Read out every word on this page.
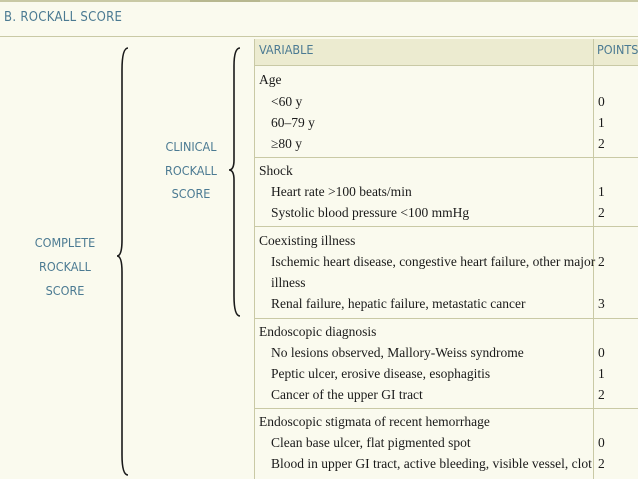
B. ROCKALL SCORE
COMPLETE
ROCKALL
SCORE
CLINICAL
ROCKALL
SCORE
VARIABLE	POINTS
Age
<60 y	0
60–79 y	1
≥80 y	2
Shock
Heart rate >100 beats/min	1
Systolic blood pressure <100 mmHg	2
Coexisting illness
Ischemic heart disease, congestive heart failure, other major 2
illness
Renal failure, hepatic failure, metastatic cancer	3
Endoscopic diagnosis
No lesions observed, Mallory-Weiss syndrome	0
Peptic ulcer, erosive disease, esophagitis	1
Cancer of the upper GI tract	2
Endoscopic stigmata of recent hemorrhage
Clean base ulcer, flat pigmented spot	0
Blood in upper GI tract, active bleeding, visible vessel, clot 2
